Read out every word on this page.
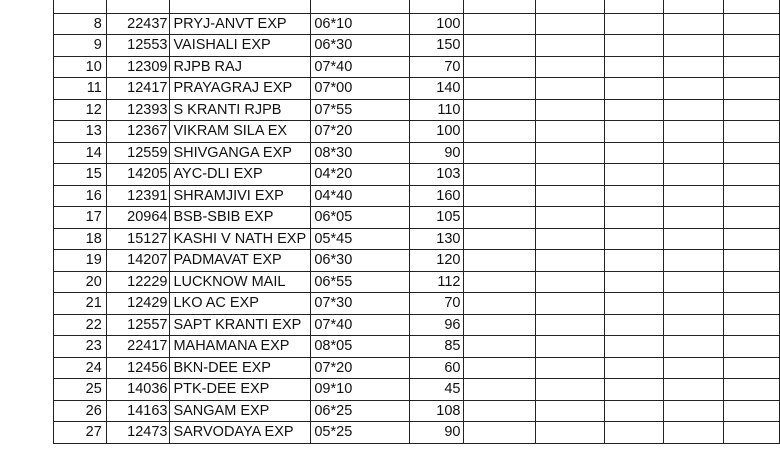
8	22437	PRYJ-ANVT EXP	06*10	100					
9	12553	VAISHALI EXP	06*30	150					
10	12309	RJPB RAJ	07*40	70					
11	12417	PRAYAGRAJ EXP	07*00	140					
12	12393	S KRANTI RJPB	07*55	110					
13	12367	VIKRAM SILA EX	07*20	100					
14	12559	SHIVGANGA EXP	08*30	90					
15	14205	AYC-DLI EXP	04*20	103					
16	12391	SHRAMJIVI EXP	04*40	160					
17	20964	BSB-SBIB EXP	06*05	105					
18	15127	KASHI V NATH EXP	05*45	130					
19	14207	PADMAVAT EXP	06*30	120					
20	12229	LUCKNOW MAIL	06*55	112					
21	12429	LKO AC EXP	07*30	70					
22	12557	SAPT KRANTI EXP	07*40	96					
23	22417	MAHAMANA EXP	08*05	85					
24	12456	BKN-DEE EXP	07*20	60					
25	14036	PTK-DEE EXP	09*10	45					
26	14163	SANGAM EXP	06*25	108					
27	12473	SARVODAYA EXP	05*25	90					
